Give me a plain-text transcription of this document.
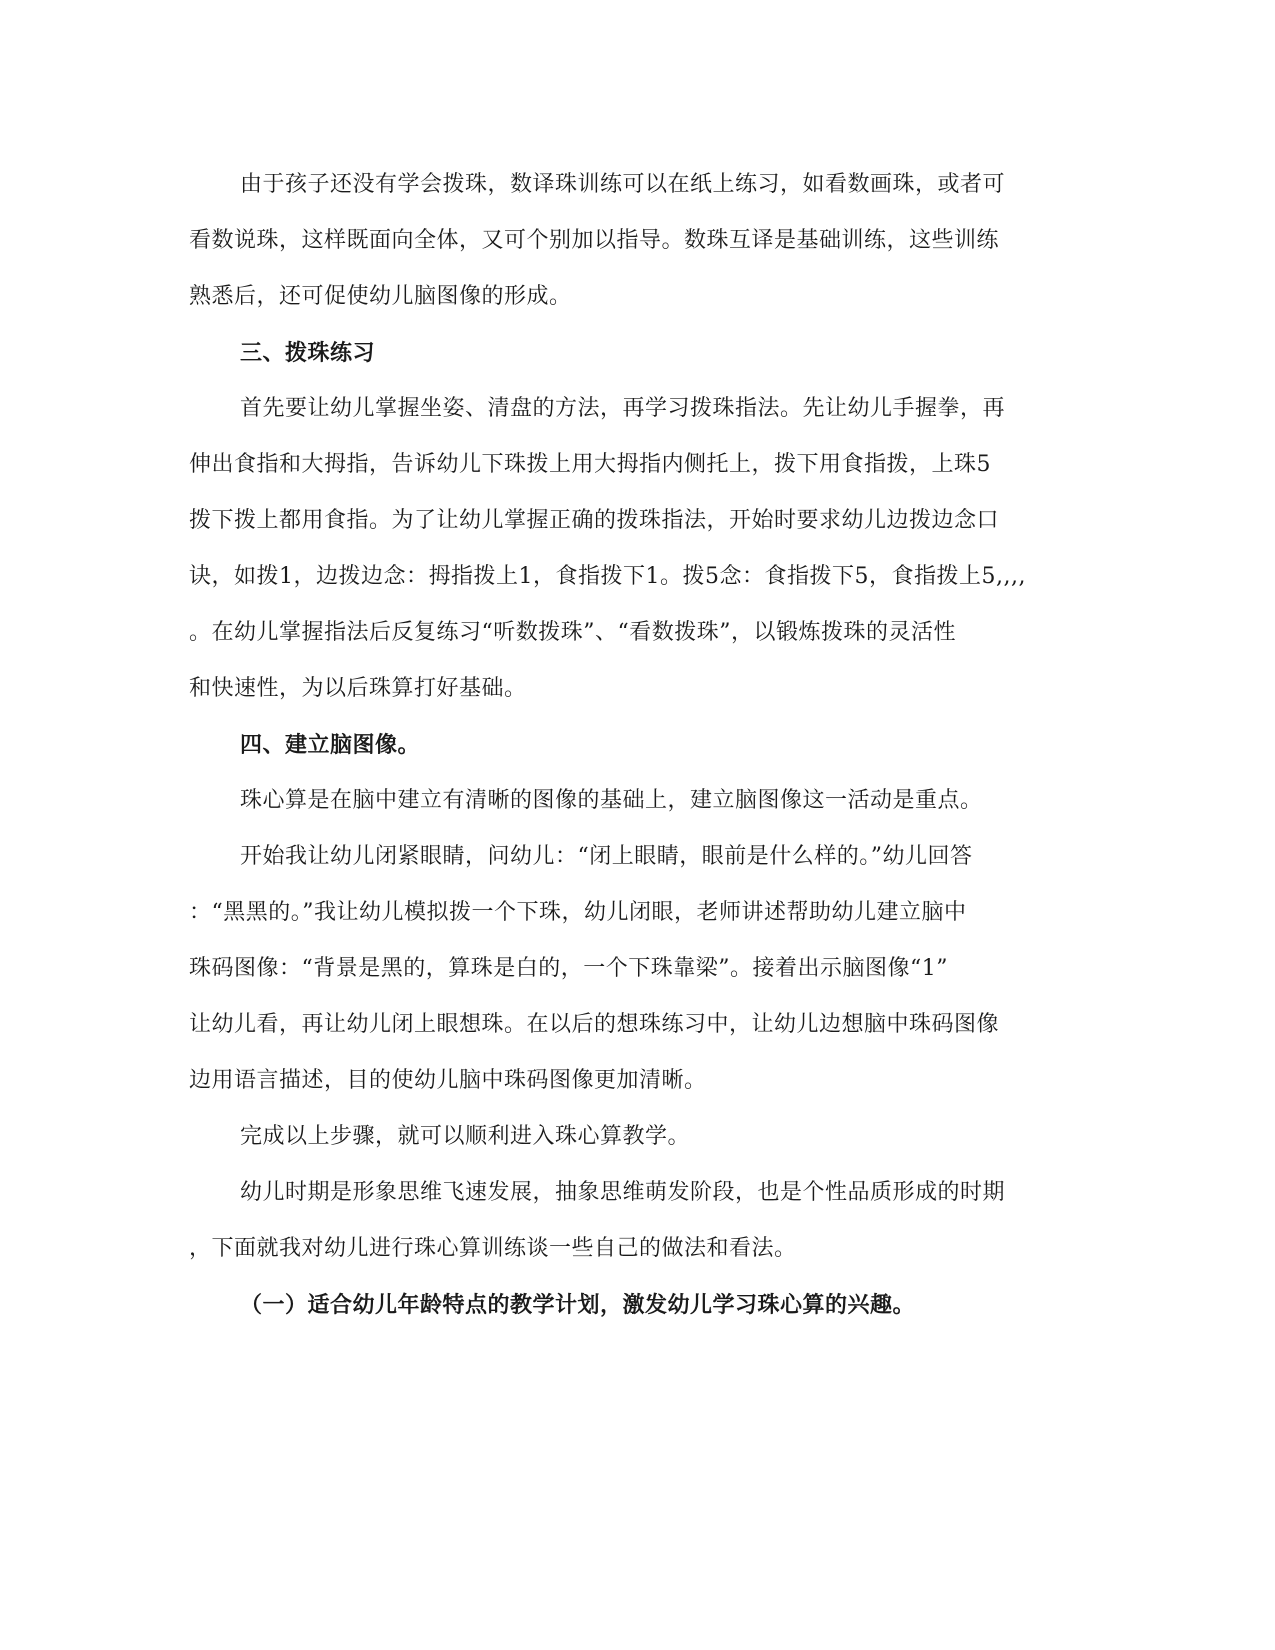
由于孩子还没有学会拨珠，数译珠训练可以在纸上练习，如看数画珠，或者可
看数说珠，这样既面向全体，又可个别加以指导。数珠互译是基础训练，这些训练
熟悉后，还可促使幼儿脑图像的形成。
三、拨珠练习
首先要让幼儿掌握坐姿、清盘的方法，再学习拨珠指法。先让幼儿手握拳，再
伸出食指和大拇指，告诉幼儿下珠拨上用大拇指内侧托上，拨下用食指拨，上珠5
拨下拨上都用食指。为了让幼儿掌握正确的拨珠指法，开始时要求幼儿边拨边念口
诀，如拨1，边拨边念：拇指拨上1，食指拨下1。拨5念：食指拨下5，食指拨上5,,,,
。在幼儿掌握指法后反复练习“听数拨珠”、“看数拨珠”，以锻炼拨珠的灵活性
和快速性，为以后珠算打好基础。
四、建立脑图像。
珠心算是在脑中建立有清晰的图像的基础上，建立脑图像这一活动是重点。
开始我让幼儿闭紧眼睛，问幼儿：“闭上眼睛，眼前是什么样的。”幼儿回答
：“黑黑的。”我让幼儿模拟拨一个下珠，幼儿闭眼，老师讲述帮助幼儿建立脑中
珠码图像：“背景是黑的，算珠是白的，一个下珠靠梁”。接着出示脑图像“1”
让幼儿看，再让幼儿闭上眼想珠。在以后的想珠练习中，让幼儿边想脑中珠码图像
边用语言描述，目的使幼儿脑中珠码图像更加清晰。
完成以上步骤，就可以顺利进入珠心算教学。
幼儿时期是形象思维飞速发展，抽象思维萌发阶段，也是个性品质形成的时期
，下面就我对幼儿进行珠心算训练谈一些自己的做法和看法。
（一）适合幼儿年龄特点的教学计划，激发幼儿学习珠心算的兴趣。
